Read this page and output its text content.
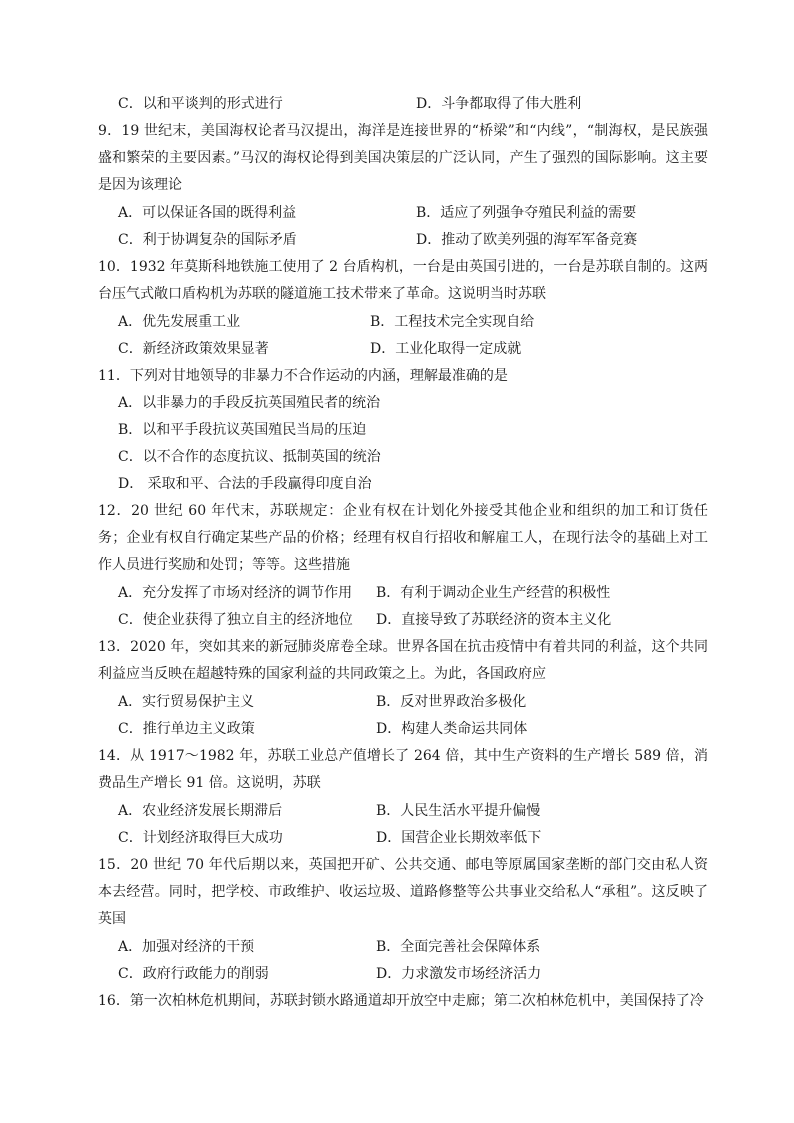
C．以和平谈判的形式进行	D．斗争都取得了伟大胜利
9．19 世纪末，美国海权论者马汉提出，海洋是连接世界的“桥梁”和“内线”，“制海权，是民族强盛和繁荣的主要因素。”马汉的海权论得到美国决策层的广泛认同，产生了强烈的国际影响。这主要是因为该理论
A．可以保证各国的既得利益	B．适应了列强争夺殖民利益的需要
C．利于协调复杂的国际矛盾	D．推动了欧美列强的海军军备竞赛
10．1932 年莫斯科地铁施工使用了 2 台盾构机，一台是由英国引进的，一台是苏联自制的。这两台压气式敞口盾构机为苏联的隧道施工技术带来了革命。这说明当时苏联
A．优先发展重工业	B．工程技术完全实现自给
C．新经济政策效果显著	D．工业化取得一定成就
11．下列对甘地领导的非暴力不合作运动的内涵，理解最准确的是
A．以非暴力的手段反抗英国殖民者的统治
B．以和平手段抗议英国殖民当局的压迫
C．以不合作的态度抗议、抵制英国的统治
D． 采取和平、合法的手段赢得印度自治
12．20 世纪 60 年代末，苏联规定：企业有权在计划化外接受其他企业和组织的加工和订货任务；企业有权自行确定某些产品的价格；经理有权自行招收和解雇工人，在现行法令的基础上对工作人员进行奖励和处罚；等等。这些措施
A．充分发挥了市场对经济的调节作用 B．有利于调动企业生产经营的积极性
C．使企业获得了独立自主的经济地位 D．直接导致了苏联经济的资本主义化
13．2020 年，突如其来的新冠肺炎席卷全球。世界各国在抗击疫情中有着共同的利益，这个共同利益应当反映在超越特殊的国家利益的共同政策之上。为此，各国政府应
A．实行贸易保护主义	B．反对世界政治多极化
C．推行单边主义政策	D．构建人类命运共同体
14．从 1917～1982 年，苏联工业总产值增长了 264 倍，其中生产资料的生产增长 589 倍，消费品生产增长 91 倍。这说明，苏联
A．农业经济发展长期滞后	B．人民生活水平提升偏慢
C．计划经济取得巨大成功	D．国营企业长期效率低下
15．20 世纪 70 年代后期以来，英国把开矿、公共交通、邮电等原属国家垄断的部门交由私人资本去经营。同时，把学校、市政维护、收运垃圾、道路修整等公共事业交给私人“承租”。这反映了英国
A．加强对经济的干预	B．全面完善社会保障体系
C．政府行政能力的削弱	D．力求激发市场经济活力
16．第一次柏林危机期间，苏联封锁水路通道却开放空中走廊；第二次柏林危机中，美国保持了冷
